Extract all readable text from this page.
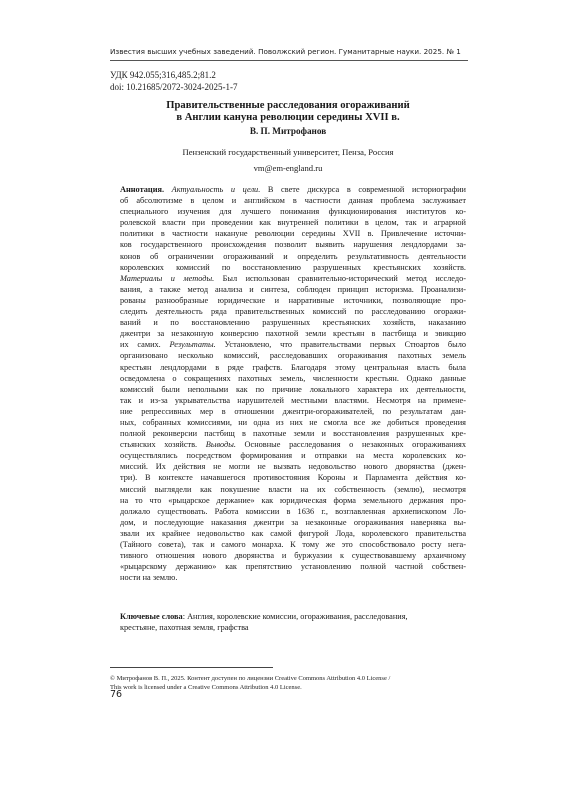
Известия высших учебных заведений. Поволжский регион. Гуманитарные науки. 2025. № 1
УДК 942.055;316,485.2;81.2
doi: 10.21685/2072-3024-2025-1-7
Правительственные расследования огораживаний
в Англии кануна революции середины XVII в.
В. П. Митрофанов
Пензенский государственный университет, Пенза, Россия
vm@em-england.ru
Аннотация. Актуальность и цели. В свете дискурса в современной историографии
об абсолютизме в целом и английском в частности данная проблема заслуживает
специального изучения для лучшего понимания функционирования институтов ко-
ролевской власти при проведении как внутренней политики в целом, так и аграрной
политики в частности накануне революции середины XVII в. Привлечение источни-
ков государственного происхождения позволит выявить нарушения лендлордами за-
конов об ограничении огораживаний и определить результативность деятельности
королевских комиссий по восстановлению разрушенных крестьянских хозяйств.
Материалы и методы. Был использован сравнительно-исторический метод исследо-
вания, а также метод анализа и синтеза, соблюден принцип историзма. Проанализи-
рованы разнообразные юридические и нарративные источники, позволяющие про-
следить деятельность ряда правительственных комиссий по расследованию огоражи-
ваний и по восстановлению разрушенных крестьянских хозяйств, наказанию
джентри за незаконную конверсию пахотной земли крестьян в пастбища и эвикцию
их самих. Результаты. Установлено, что правительствами первых Стюартов было
организовано несколько комиссий, расследовавших огораживания пахотных земель
крестьян лендлордами в ряде графств. Благодаря этому центральная власть была
осведомлена о сокращениях пахотных земель, численности крестьян. Однако данные
комиссий были неполными как по причине локального характера их деятельности,
так и из-за укрывательства нарушителей местными властями. Несмотря на примене-
ние репрессивных мер в отношении джентри-огораживателей, по результатам дан-
ных, собранных комиссиями, ни одна из них не смогла все же добиться проведения
полной реконверсии пастбищ в пахотные земли и восстановления разрушенных кре-
стьянских хозяйств. Выводы. Основные расследования о незаконных огораживаниях
осуществлялись посредством формирования и отправки на места королевских ко-
миссий. Их действия не могли не вызвать недовольство нового дворянства (джен-
три). В контексте начавшегося противостояния Короны и Парламента действия ко-
миссий выглядели как покушение власти на их собственность (землю), несмотря
на то что «рыцарское держание» как юридическая форма земельного держания про-
должало существовать. Работа комиссии в 1636 г., возглавленная архиепископом Ло-
дом, и последующие наказания джентри за незаконные огораживания наверняка вы-
звали их крайнее недовольство как самой фигурой Лода, королевского правительства
(Тайного совета), так и самого монарха. К тому же это способствовало росту нега-
тивного отношения нового дворянства и буржуазии к существовавшему архаичному
«рыцарскому держанию» как препятствию установлению полной частной собствен-
ности на землю.
Ключевые слова: Англия, королевские комиссии, огораживания, расследования,
крестьяне, пахотная земля, графства
© Митрофанов В. П., 2025. Контент доступен по лицензии Creative Commons Attribution 4.0 License /
This work is licensed under a Creative Commons Attribution 4.0 License.
76
